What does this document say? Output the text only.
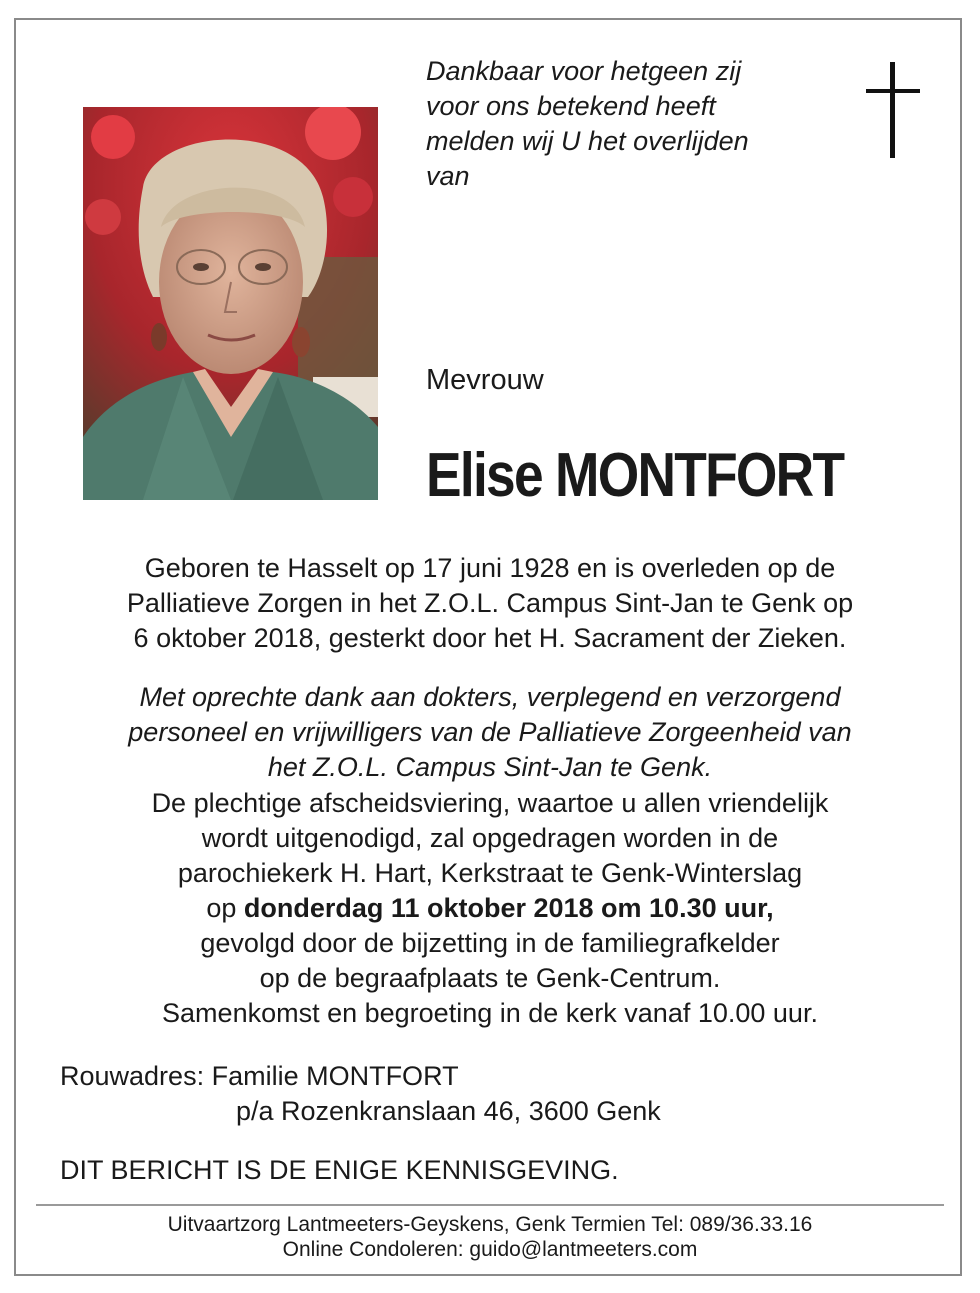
Dankbaar voor hetgeen zij
voor ons betekend heeft
melden wij U het overlijden
van
Mevrouw
Elise MONTFORT
Geboren te Hasselt op 17 juni 1928 en is overleden op de
Palliatieve Zorgen in het Z.O.L. Campus Sint-Jan te Genk op
6 oktober 2018, gesterkt door het H. Sacrament der Zieken.
Met oprechte dank aan dokters, verplegend en verzorgend
personeel en vrijwilligers van de Palliatieve Zorgeenheid van
het Z.O.L. Campus Sint-Jan te Genk.
De plechtige afscheidsviering, waartoe u allen vriendelijk
wordt uitgenodigd, zal opgedragen worden in de
parochiekerk H. Hart, Kerkstraat te Genk-Winterslag
op donderdag 11 oktober 2018 om 10.30 uur,
gevolgd door de bijzetting in de familiegrafkelder
op de begraafplaats te Genk-Centrum.
Samenkomst en begroeting in de kerk vanaf 10.00 uur.
Rouwadres: Familie MONTFORT
p/a Rozenkranslaan 46, 3600 Genk
DIT BERICHT IS DE ENIGE KENNISGEVING.
Uitvaartzorg Lantmeeters-Geyskens, Genk Termien Tel: 089/36.33.16
Online Condoleren: guido@lantmeeters.com
